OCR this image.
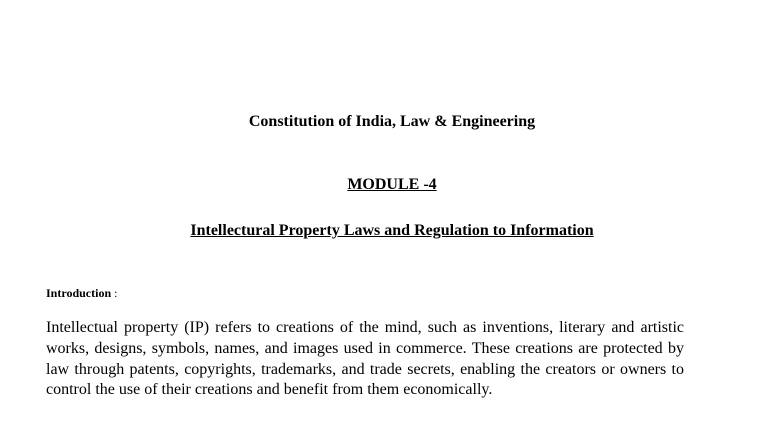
Constitution of India, Law & Engineering
MODULE -4
Intellectural Property Laws and Regulation to Information
Introduction :
Intellectual property (IP) refers to creations of the mind, such as inventions, literary and artistic works, designs, symbols, names, and images used in commerce. These creations are protected by law through patents, copyrights, trademarks, and trade secrets, enabling the creators or owners to control the use of their creations and benefit from them economically.
